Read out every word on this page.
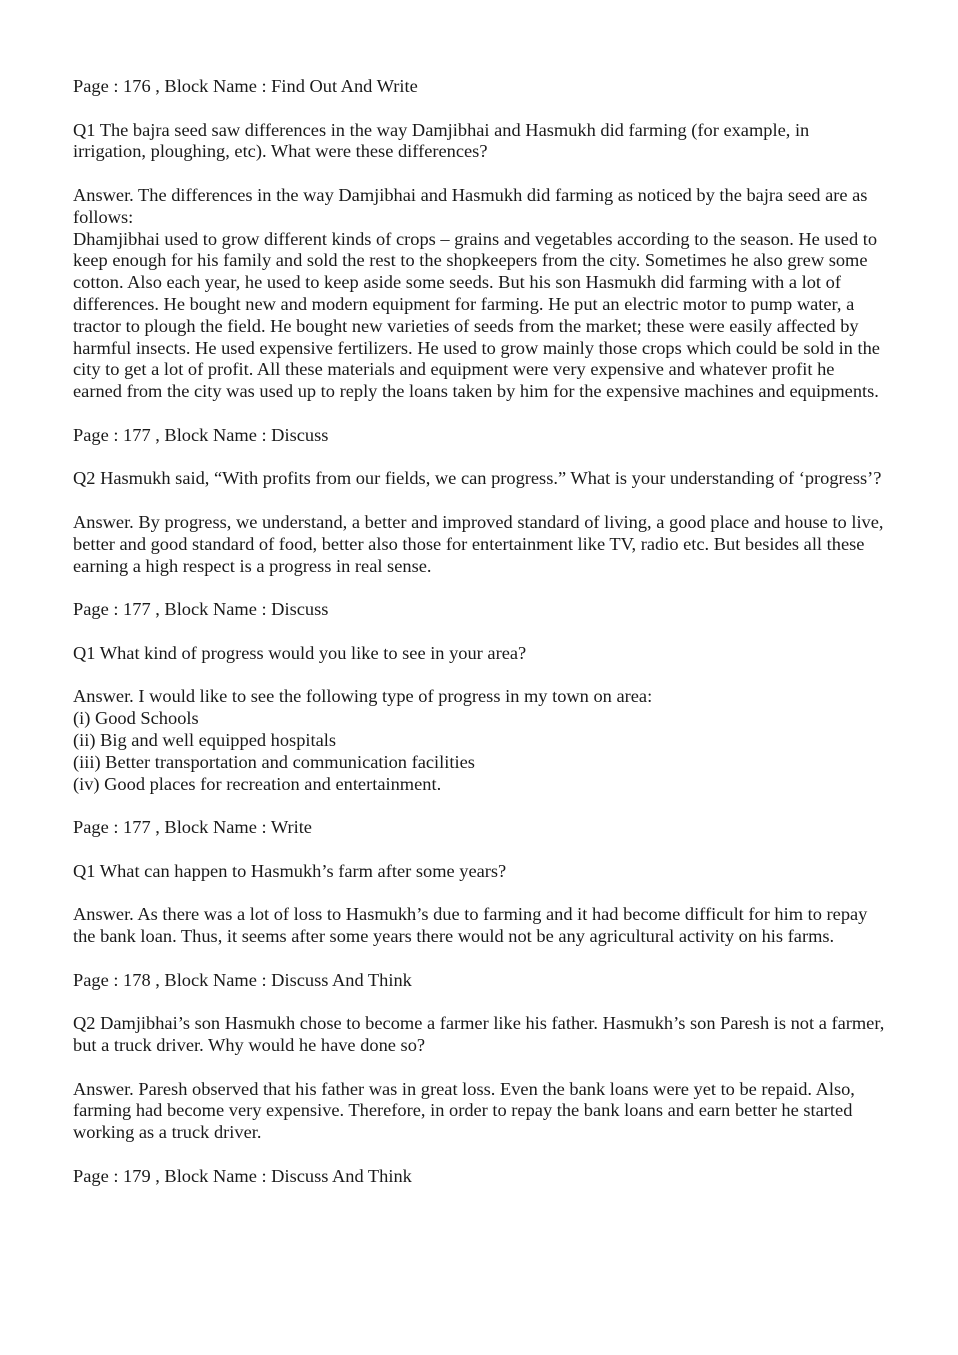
Page : 176 , Block Name : Find Out And Write

Q1 The bajra seed saw differences in the way Damjibhai and Hasmukh did farming (for example, in irrigation, ploughing, etc). What were these differences?

Answer. The differences in the way Damjibhai and Hasmukh did farming as noticed by the bajra seed are as follows:
Dhamjibhai used to grow different kinds of crops – grains and vegetables according to the season. He used to keep enough for his family and sold the rest to the shopkeepers from the city. Sometimes he also grew some cotton. Also each year, he used to keep aside some seeds. But his son Hasmukh did farming with a lot of differences. He bought new and modern equipment for farming. He put an electric motor to pump water, a tractor to plough the field. He bought new varieties of seeds from the market; these were easily affected by harmful insects. He used expensive fertilizers. He used to grow mainly those crops which could be sold in the city to get a lot of profit. All these materials and equipment were very expensive and whatever profit he earned from the city was used up to reply the loans taken by him for the expensive machines and equipments.

Page : 177 , Block Name : Discuss

Q2 Hasmukh said, “With profits from our fields, we can progress.” What is your understanding of ‘progress’?

Answer. By progress, we understand, a better and improved standard of living, a good place and house to live, better and good standard of food, better also those for entertainment like TV, radio etc. But besides all these earning a high respect is a progress in real sense.

Page : 177 , Block Name : Discuss

Q1 What kind of progress would you like to see in your area?

Answer. I would like to see the following type of progress in my town on area:
(i) Good Schools
(ii) Big and well equipped hospitals
(iii) Better transportation and communication facilities
(iv) Good places for recreation and entertainment.

Page : 177 , Block Name : Write

Q1 What can happen to Hasmukh’s farm after some years?

Answer. As there was a lot of loss to Hasmukh’s due to farming and it had become difficult for him to repay the bank loan. Thus, it seems after some years there would not be any agricultural activity on his farms.

Page : 178 , Block Name : Discuss And Think

Q2 Damjibhai’s son Hasmukh chose to become a farmer like his father. Hasmukh’s son Paresh is not a farmer, but a truck driver. Why would he have done so?

Answer. Paresh observed that his father was in great loss. Even the bank loans were yet to be repaid. Also, farming had become very expensive. Therefore, in order to repay the bank loans and earn better he started working as a truck driver.

Page : 179 , Block Name : Discuss And Think
